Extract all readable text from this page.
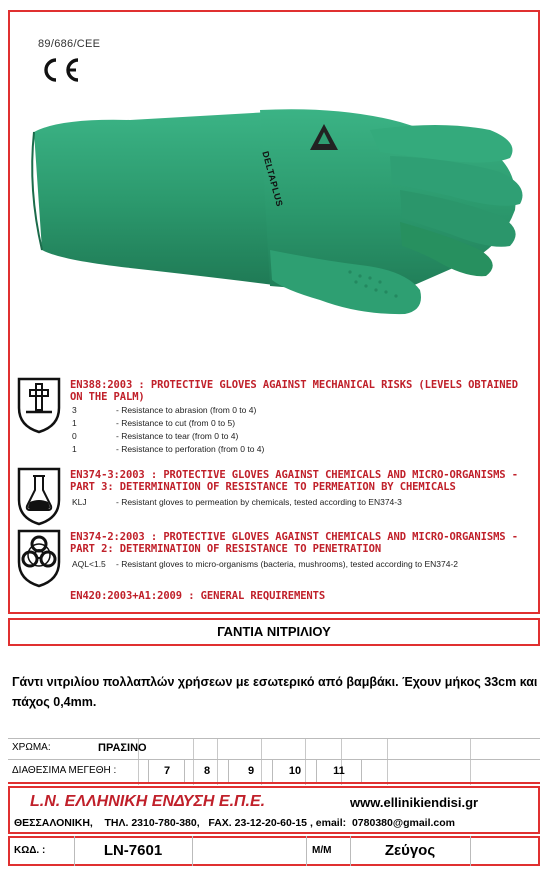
89/686/CEE
DELTAPLUS
EN388:2003 : PROTECTIVE GLOVES AGAINST MECHANICAL RISKS (LEVELS OBTAINED ON THE PALM)
3	- Resistance to abrasion (from 0 to 4)
1	- Resistance to cut (from 0 to 5)
0	- Resistance to tear (from 0 to 4)
1	- Resistance to perforation (from 0 to 4)
EN374-3:2003 : PROTECTIVE GLOVES AGAINST CHEMICALS AND MICRO-ORGANISMS - PART 3: DETERMINATION OF RESISTANCE TO PERMEATION BY CHEMICALS
KLJ	- Resistant gloves to permeation by chemicals, tested according to EN374-3
EN374-2:2003 : PROTECTIVE GLOVES AGAINST CHEMICALS AND MICRO-ORGANISMS - PART 2: DETERMINATION OF RESISTANCE TO PENETRATION
AQL<1.5 - Resistant gloves to micro-organisms (bacteria, mushrooms), tested according to EN374-2
EN420:2003+A1:2009 : GENERAL REQUIREMENTS
ΓΑΝΤΙΑ ΝΙΤΡΙΛΙΟΥ
Γάντι νιτριλίου πολλαπλών χρήσεων με εσωτερικό από βαμβάκι. Έχουν μήκος 33cm και πάχος 0,4mm.
ΧΡΩΜΑ:	ΠΡΑΣΙΝΟ
ΔΙΑΘΕΣΙΜΑ ΜΕΓΕΘΗ :	7	8	9	10	11
L.N. ΕΛΛΗΝΙΚΗ ΕΝΔΥΣΗ Ε.Π.Ε.	www.ellinikiendisi.gr
ΘΕΣΣΑΛΟΝΙΚΗ,    ΤΗΛ. 2310-780-380,   FAX. 23-12-20-60-15 , email:  0780380@gmail.com
ΚΩΔ. :	LN-7601	Μ/Μ	Ζεύγος
